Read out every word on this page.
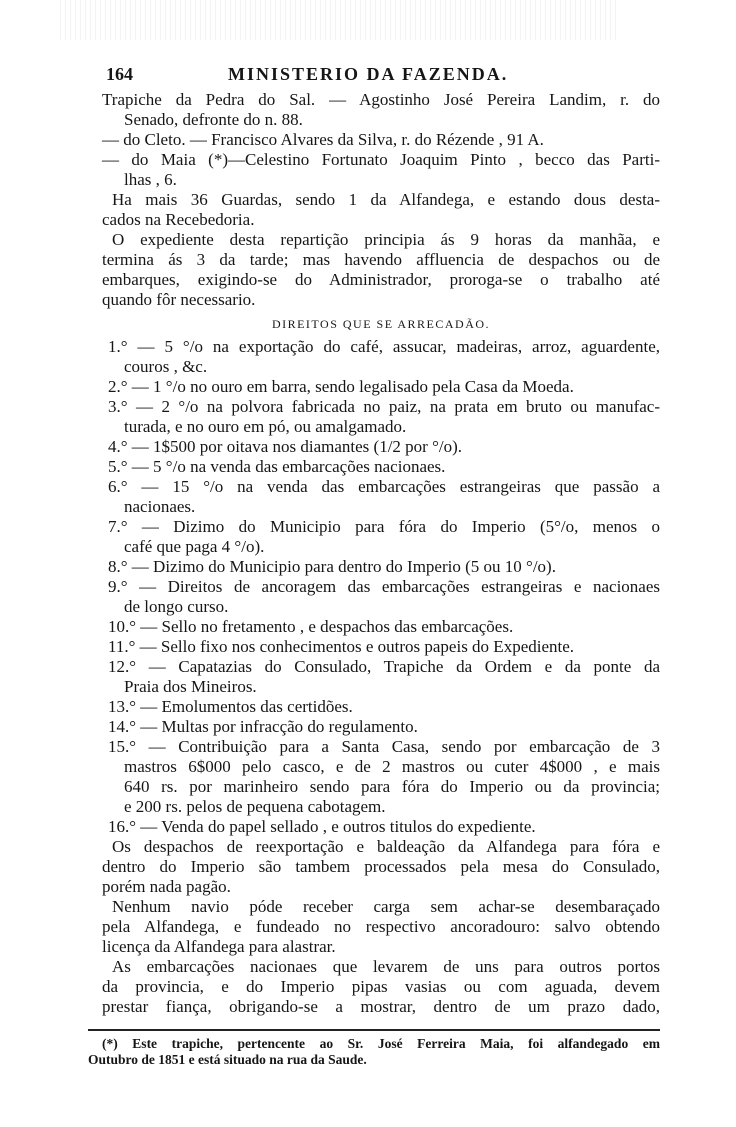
164	MINISTERIO DA FAZENDA.
Trapiche da Pedra do Sal. — Agostinho José Pereira Landim, r. do
Senado, defronte do n. 88.
— do Cleto. — Francisco Alvares da Silva, r. do Rézende , 91 A.
— do Maia (*)—Celestino Fortunato Joaquim Pinto , becco das Parti-
lhas , 6.
Ha mais 36 Guardas, sendo 1 da Alfandega, e estando dous desta-
cados na Recebedoria.
O expediente desta repartição principia ás 9 horas da manhãa, e
termina ás 3 da tarde; mas havendo affluencia de despachos ou de
embarques, exigindo-se do Administrador, proroga-se o trabalho até
quando fôr necessario.
DIREITOS QUE SE ARRECADÃO.
1.° — 5 °/o na exportação do café, assucar, madeiras, arroz, aguardente,
couros , &c.
2.° — 1 °/o no ouro em barra, sendo legalisado pela Casa da Moeda.
3.° — 2 °/o na polvora fabricada no paiz, na prata em bruto ou manufac-
turada, e no ouro em pó, ou amalgamado.
4.° — 1$500 por oitava nos diamantes (1/2 por °/o).
5.° — 5 °/o na venda das embarcações nacionaes.
6.° — 15 °/o na venda das embarcações estrangeiras que passão a
nacionaes.
7.° — Dizimo do Municipio para fóra do Imperio (5°/o, menos o
café que paga 4 °/o).
8.° — Dizimo do Municipio para dentro do Imperio (5 ou 10 °/o).
9.° — Direitos de ancoragem das embarcações estrangeiras e nacionaes
de longo curso.
10.° — Sello no fretamento , e despachos das embarcações.
11.° — Sello fixo nos conhecimentos e outros papeis do Expediente.
12.° — Capatazias do Consulado, Trapiche da Ordem e da ponte da
Praia dos Mineiros.
13.° — Emolumentos das certidões.
14.° — Multas por infracção do regulamento.
15.° — Contribuição para a Santa Casa, sendo por embarcação de 3
mastros 6$000 pelo casco, e de 2 mastros ou cuter 4$000 , e mais
640 rs. por marinheiro sendo para fóra do Imperio ou da provincia;
e 200 rs. pelos de pequena cabotagem.
16.° — Venda do papel sellado , e outros titulos do expediente.
Os despachos de reexportação e baldeação da Alfandega para fóra e
dentro do Imperio são tambem processados pela mesa do Consulado,
porém nada pagão.
Nenhum navio póde receber carga sem achar-se desembaraçado
pela Alfandega, e fundeado no respectivo ancoradouro: salvo obtendo
licença da Alfandega para alastrar.
As embarcações nacionaes que levarem de uns para outros portos
da provincia, e do Imperio pipas vasias ou com aguada, devem
prestar fiança, obrigando-se a mostrar, dentro de um prazo dado,
(*) Este trapiche, pertencente ao Sr. José Ferreira Maia, foi alfandegado em
Outubro de 1851 e está situado na rua da Saude.
